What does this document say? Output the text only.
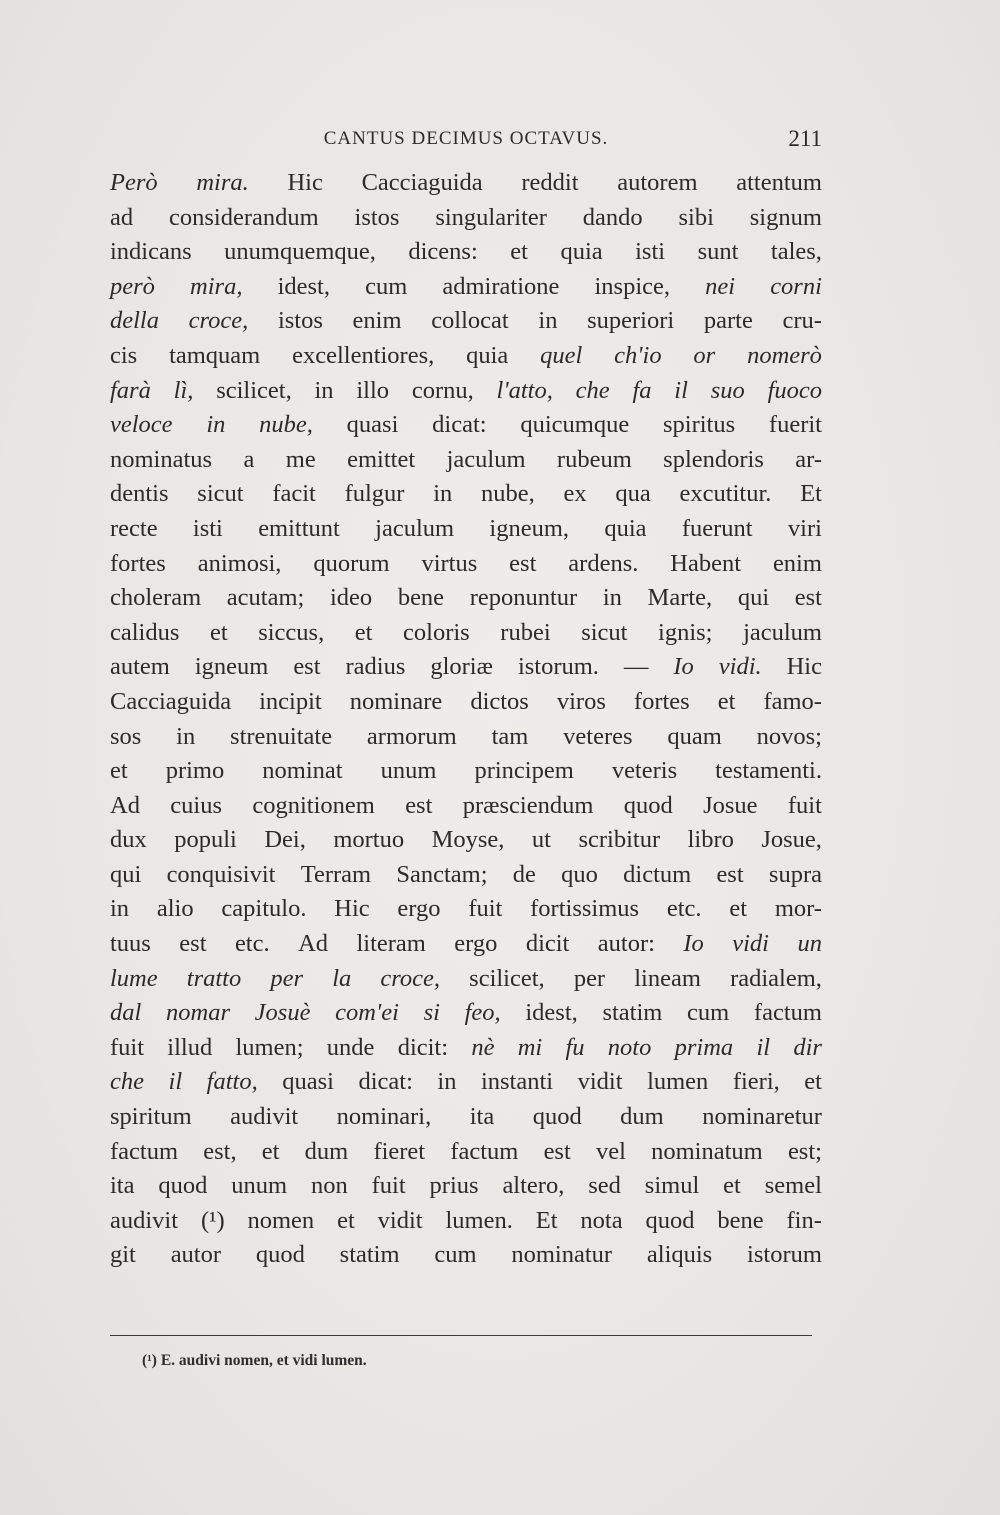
CANTUS DECIMUS OCTAVUS.	211
Però mira. Hic Cacciaguida reddit autorem attentum
ad considerandum istos singulariter dando sibi signum
indicans unumquemque, dicens: et quia isti sunt tales,
però mira, idest, cum admiratione inspice, nei corni
della croce, istos enim collocat in superiori parte cru-
cis tamquam excellentiores, quia quel ch'io or nomerò
farà lì, scilicet, in illo cornu, l'atto, che fa il suo fuoco
veloce in nube, quasi dicat: quicumque spiritus fuerit
nominatus a me emittet jaculum rubeum splendoris ar-
dentis sicut facit fulgur in nube, ex qua excutitur. Et
recte isti emittunt jaculum igneum, quia fuerunt viri
fortes animosi, quorum virtus est ardens. Habent enim
choleram acutam; ideo bene reponuntur in Marte, qui est
calidus et siccus, et coloris rubei sicut ignis; jaculum
autem igneum est radius gloriæ istorum. — Io vidi. Hic
Cacciaguida incipit nominare dictos viros fortes et famo-
sos in strenuitate armorum tam veteres quam novos;
et primo nominat unum principem veteris testamenti.
Ad cuius cognitionem est præsciendum quod Josue fuit
dux populi Dei, mortuo Moyse, ut scribitur libro Josue,
qui conquisivit Terram Sanctam; de quo dictum est supra
in alio capitulo. Hic ergo fuit fortissimus etc. et mor-
tuus est etc. Ad literam ergo dicit autor: Io vidi un
lume tratto per la croce, scilicet, per lineam radialem,
dal nomar Josuè com'ei si feo, idest, statim cum factum
fuit illud lumen; unde dicit: nè mi fu noto prima il dir
che il fatto, quasi dicat: in instanti vidit lumen fieri, et
spiritum audivit nominari, ita quod dum nominaretur
factum est, et dum fieret factum est vel nominatum est;
ita quod unum non fuit prius altero, sed simul et semel
audivit (¹) nomen et vidit lumen. Et nota quod bene fin-
git autor quod statim cum nominatur aliquis istorum
(¹) E. audivi nomen, et vidi lumen.
